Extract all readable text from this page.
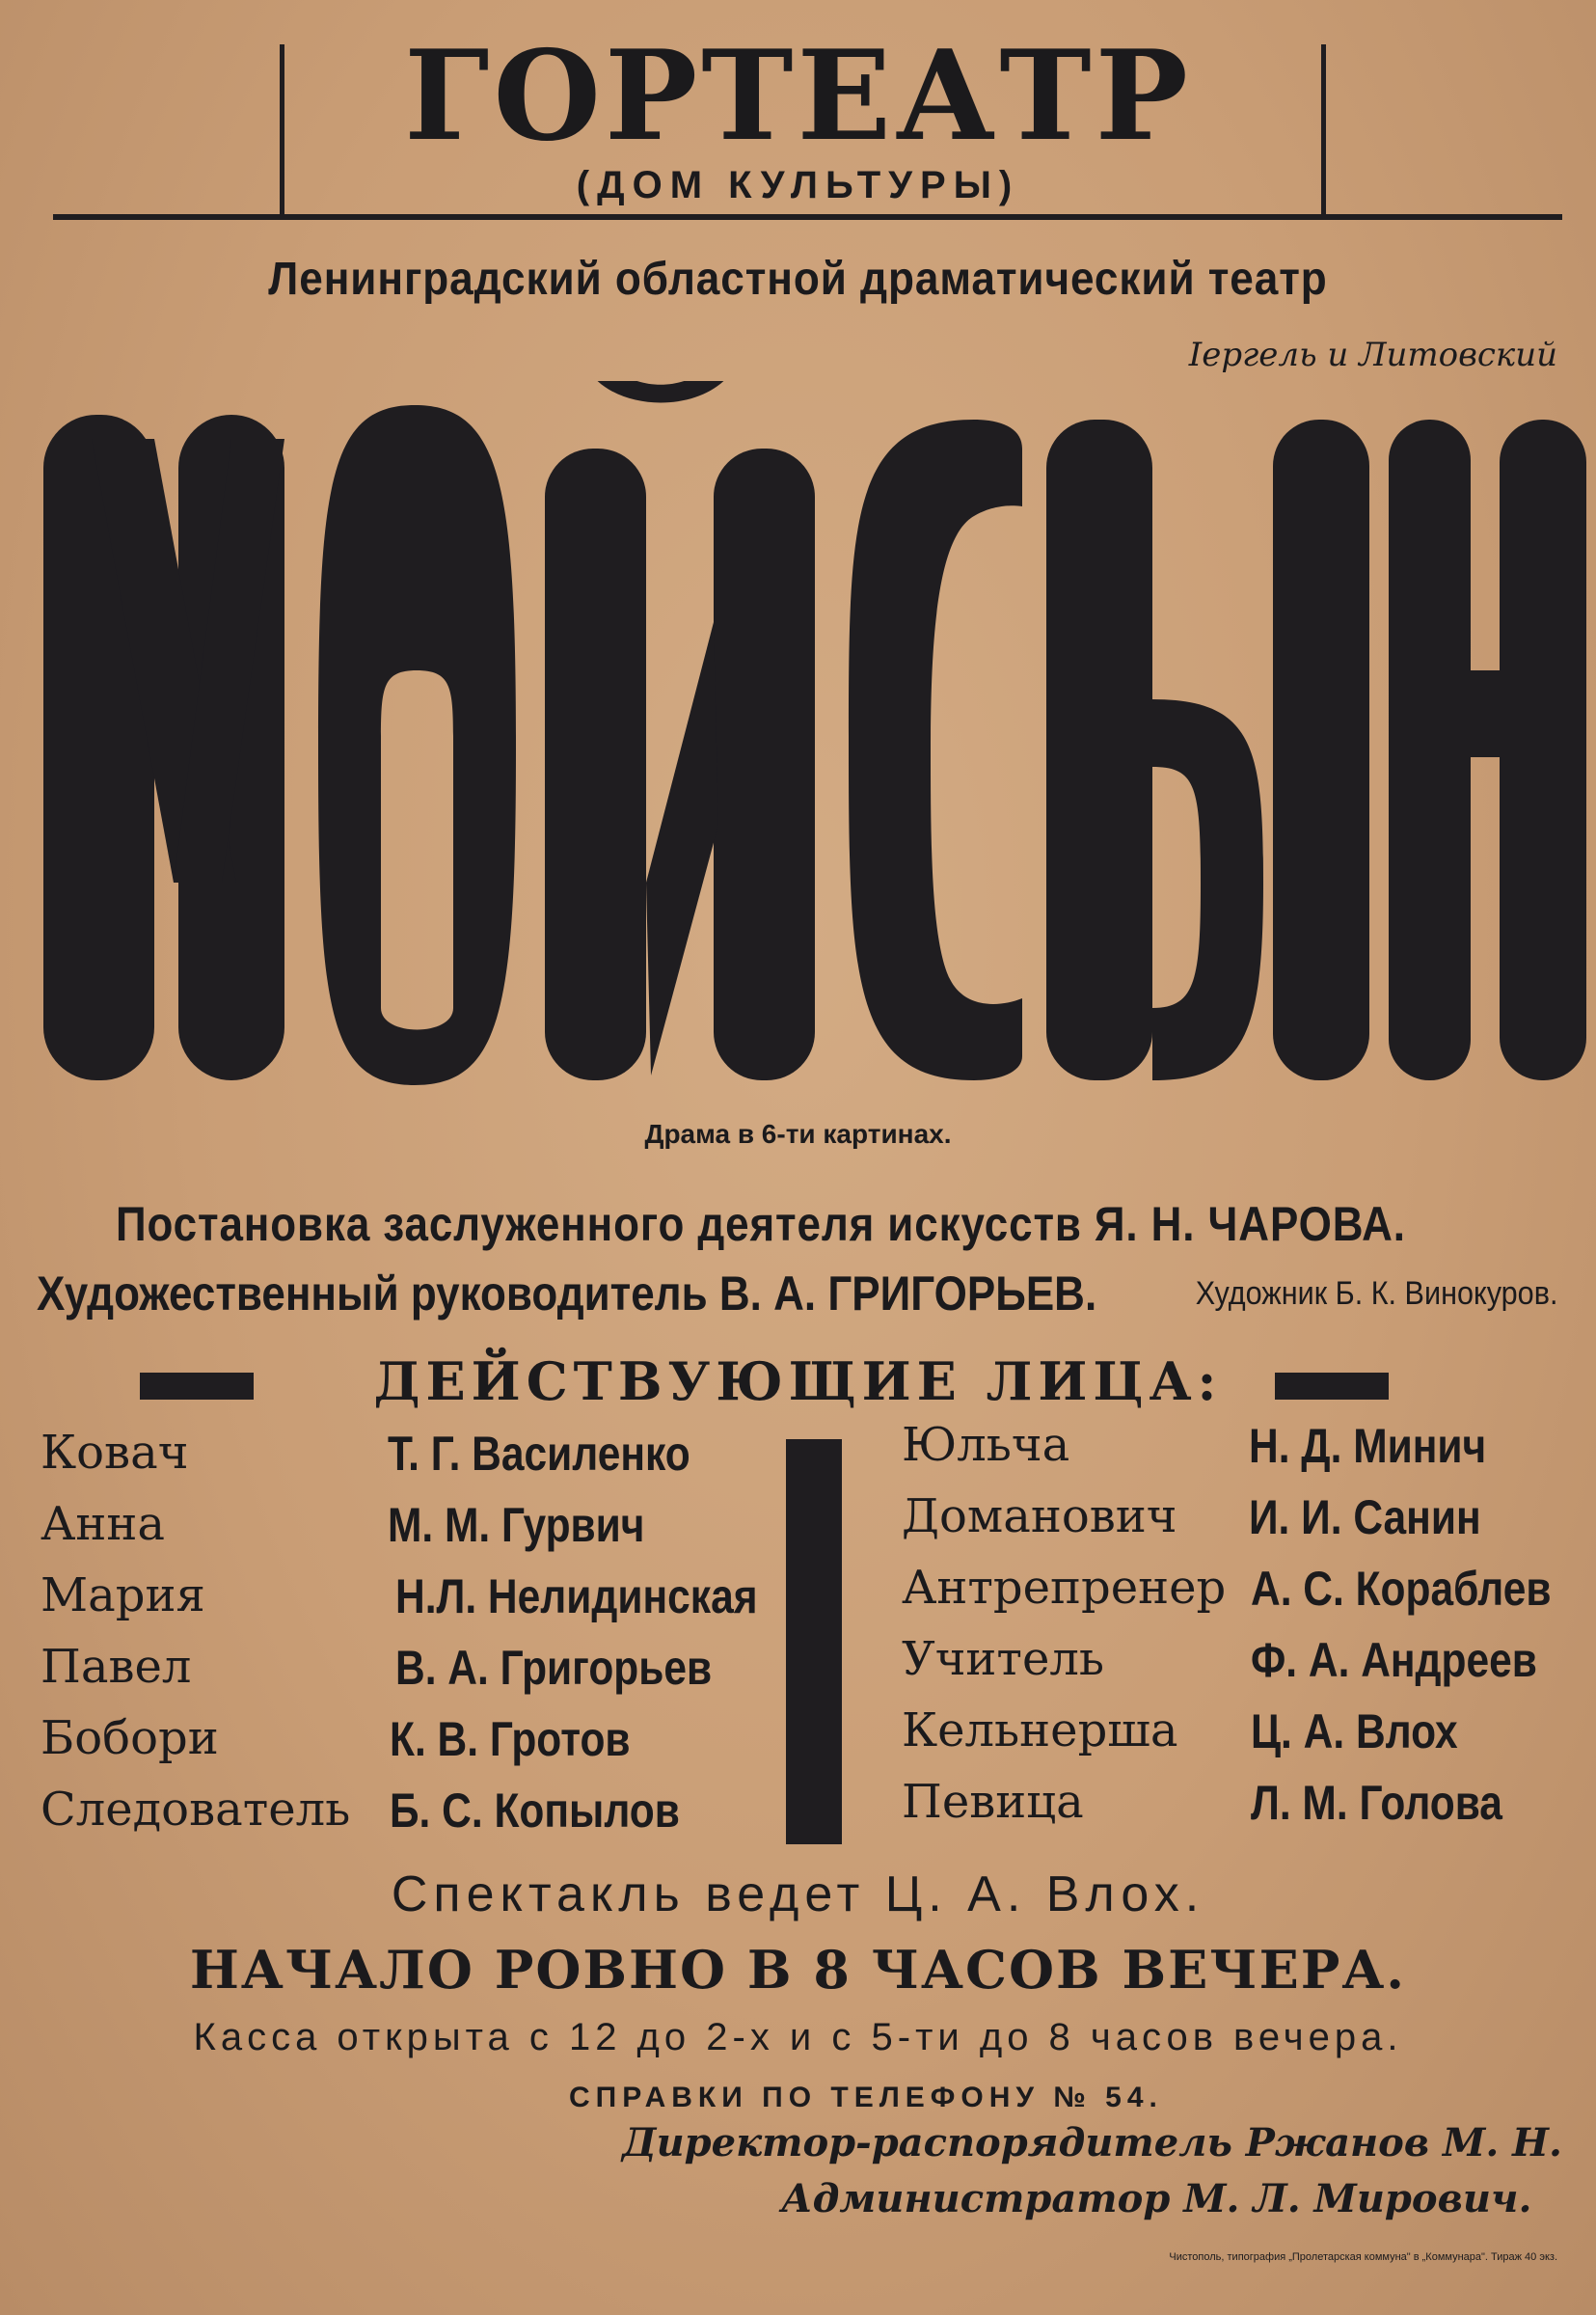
ГОРТЕАТР
(ДОМ КУЛЬТУРЫ)
Ленинградский областной драматический театр
Iергель и Литовский
Драма в 6-ти картинах.
Постановка заслуженного деятеля искусств Я. Н. ЧАРОВА.
Художественный руководитель В. А. ГРИГОРЬЕВ.	Художник Б. К. Винокуров.
ДЕЙСТВУЮЩИЕ ЛИЦА:
Ковач	Т. Г. Василенко
Анна	М. М. Гурвич
Мария	Н.Л. Нелидинская
Павел	В. А. Григорьев
Бобори	К. В. Гротов
Следователь Б. С. Копылов
Юльча	Н. Д. Минич
Доманович И. И. Санин
Антрепренер А. С. Кораблев
Учитель	Ф. А. Андреев
Кельнерша Ц. А. Влох
Певица	Л. М. Голова
Спектакль ведет Ц. А. Влох.
НАЧАЛО РОВНО В 8 ЧАСОВ ВЕЧЕРА.
Касса открыта с 12 до 2-х и с 5-ти до 8 часов вечера.
СПРАВКИ ПО ТЕЛЕФОНУ № 54.
Директор-распорядитель Ржанов М. Н.
Администратор М. Л. Мирович.
Чистополь, типография „Пролетарская коммуна" в „Коммунара". Тираж 40 экз.
